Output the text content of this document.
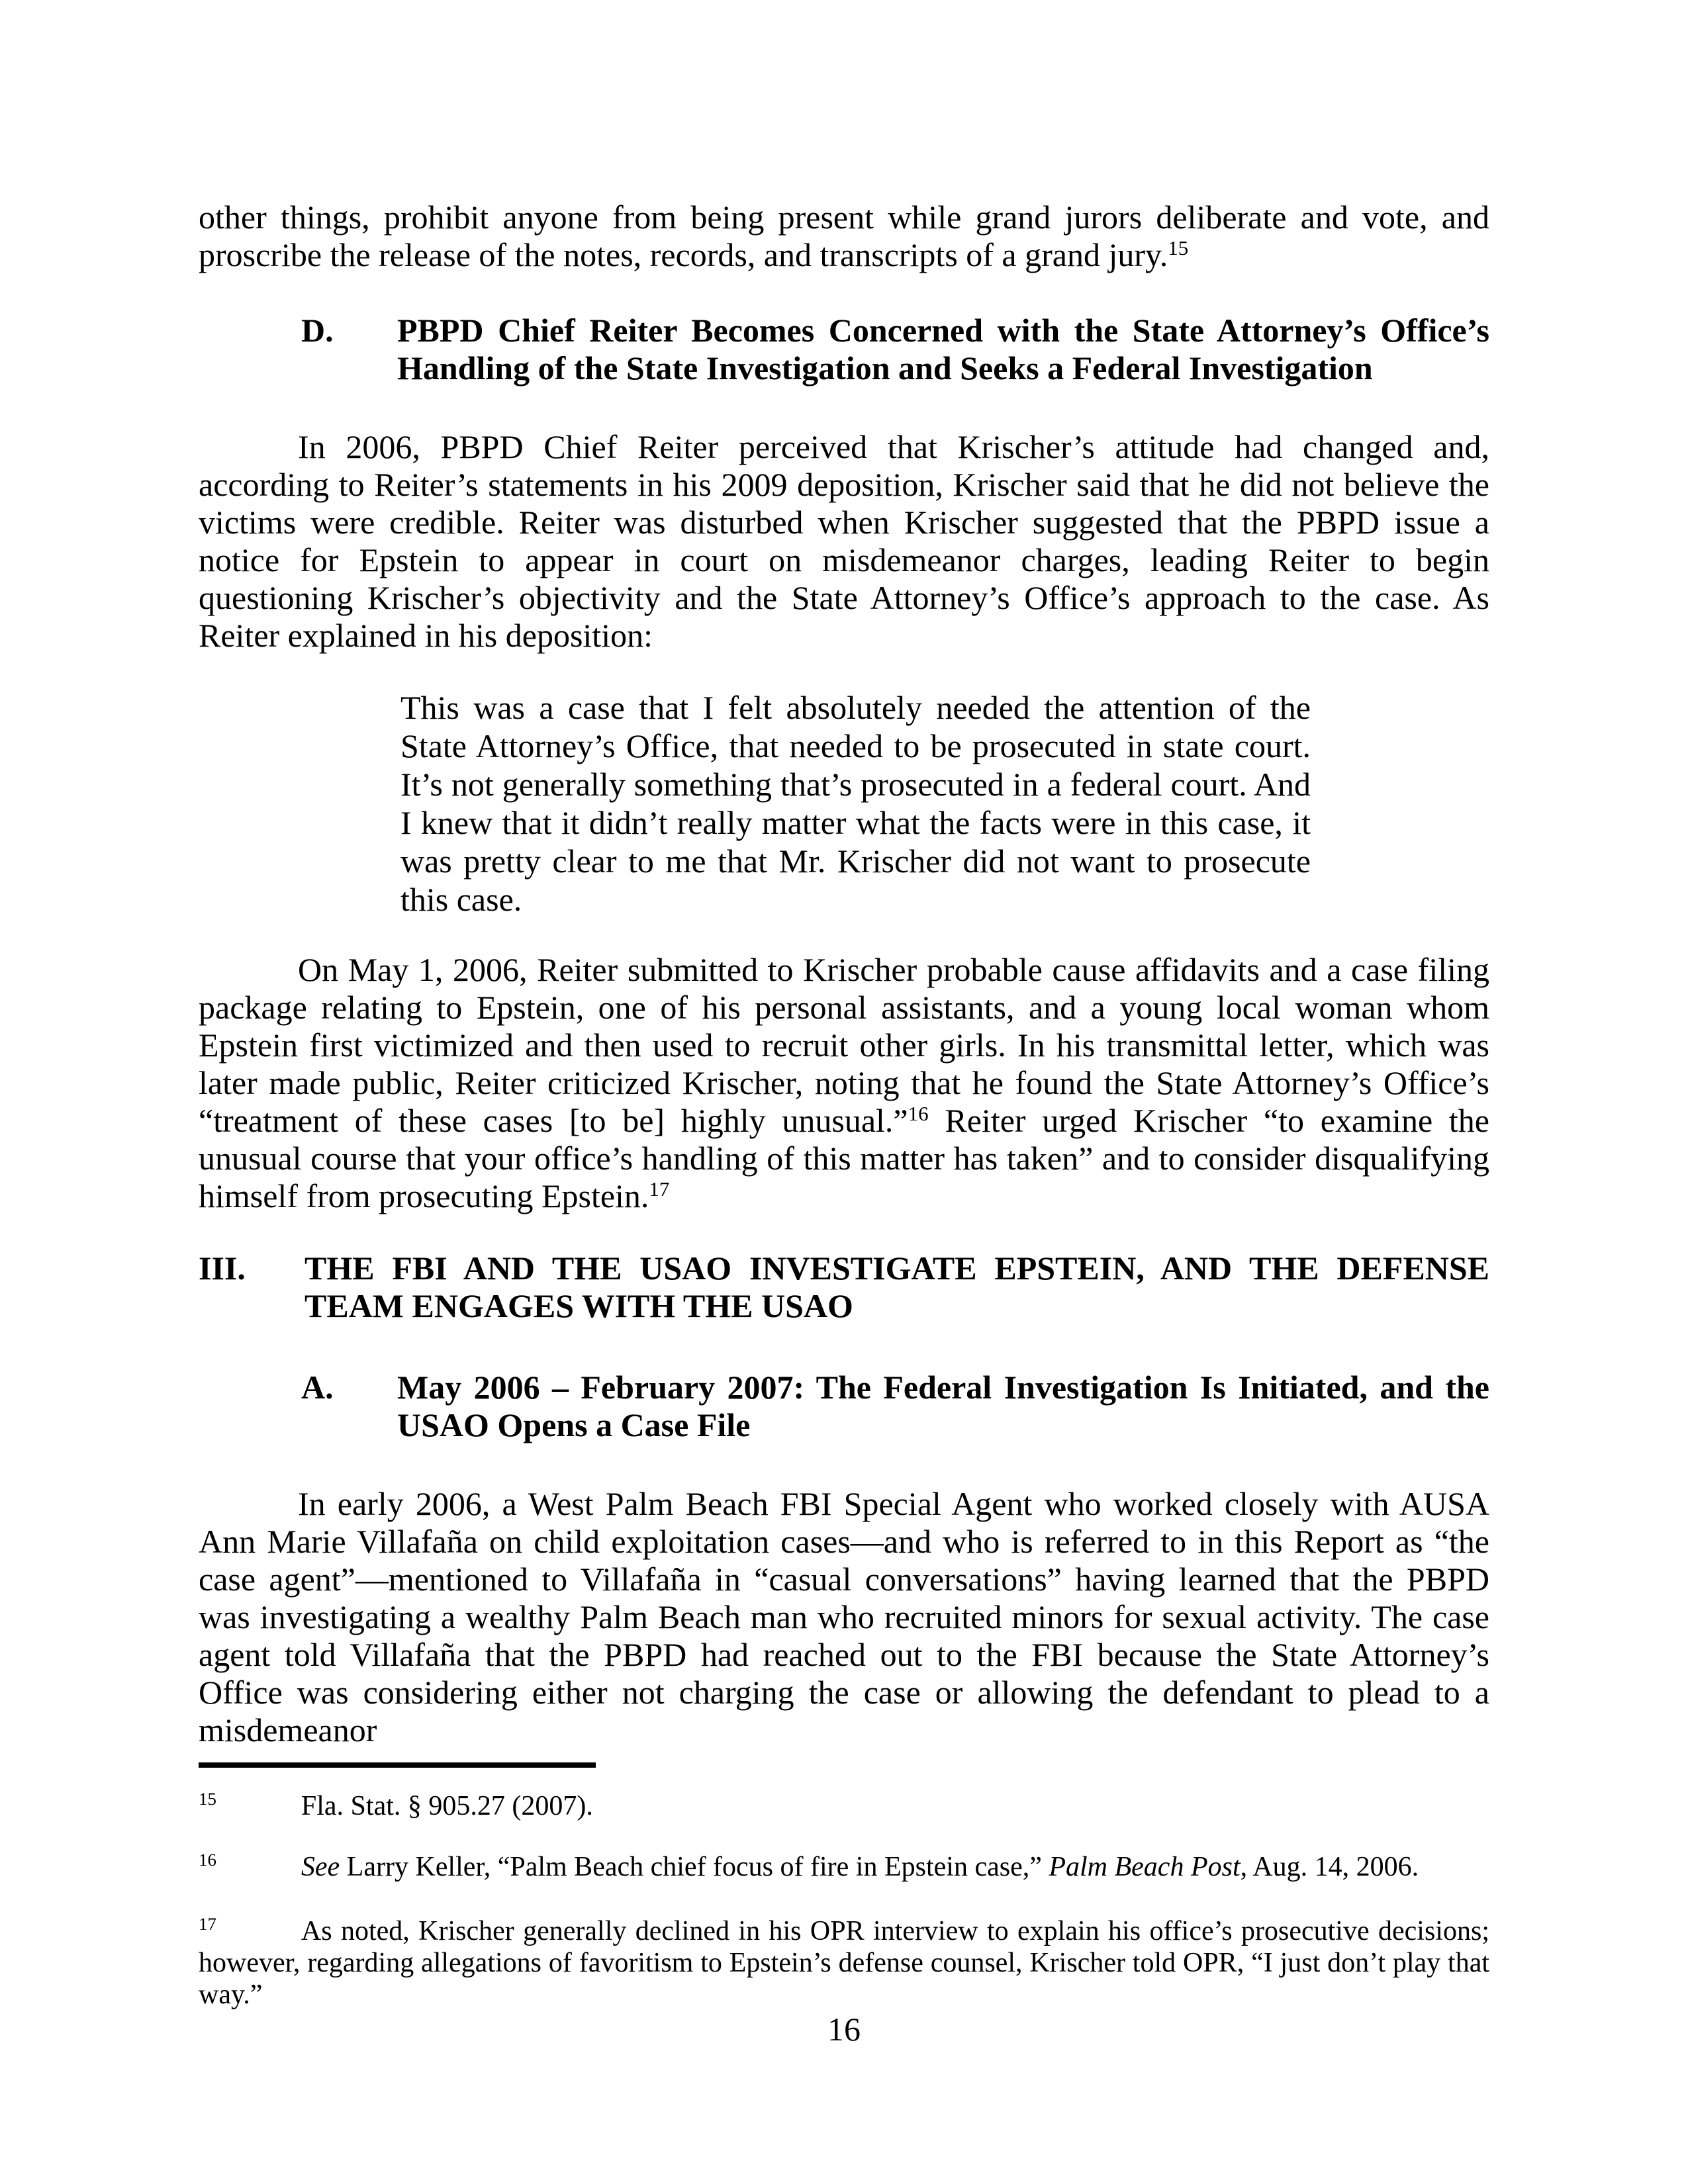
other things, prohibit anyone from being present while grand jurors deliberate and vote, and proscribe the release of the notes, records, and transcripts of a grand jury.$^{15}$

D. PBPD Chief Reiter Becomes Concerned with the State Attorney’s Office’s Handling of the State Investigation and Seeks a Federal Investigation

In 2006, PBPD Chief Reiter perceived that Krischer’s attitude had changed and, according to Reiter’s statements in his 2009 deposition, Krischer said that he did not believe the victims were credible. Reiter was disturbed when Krischer suggested that the PBPD issue a notice for Epstein to appear in court on misdemeanor charges, leading Reiter to begin questioning Krischer’s objectivity and the State Attorney’s Office’s approach to the case. As Reiter explained in his deposition:

This was a case that I felt absolutely needed the attention of the State Attorney’s Office, that needed to be prosecuted in state court. It’s not generally something that’s prosecuted in a federal court. And I knew that it didn’t really matter what the facts were in this case, it was pretty clear to me that Mr. Krischer did not want to prosecute this case.

On May 1, 2006, Reiter submitted to Krischer probable cause affidavits and a case filing package relating to Epstein, one of his personal assistants, and a young local woman whom Epstein first victimized and then used to recruit other girls. In his transmittal letter, which was later made public, Reiter criticized Krischer, noting that he found the State Attorney’s Office’s “treatment of these cases [to be] highly unusual.”$^{16}$ Reiter urged Krischer “to examine the unusual course that your office’s handling of this matter has taken” and to consider disqualifying himself from prosecuting Epstein.$^{17}$

III. THE FBI AND THE USAO INVESTIGATE EPSTEIN, AND THE DEFENSE TEAM ENGAGES WITH THE USAO
A. May 2006 – February 2007: The Federal Investigation Is Initiated, and the USAO Opens a Case File

In early 2006, a West Palm Beach FBI Special Agent who worked closely with AUSA Ann Marie Villafaña on child exploitation cases—and who is referred to in this Report as “the case agent”—mentioned to Villafaña in “casual conversations” having learned that the PBPD was investigating a wealthy Palm Beach man who recruited minors for sexual activity. The case agent told Villafaña that the PBPD had reached out to the FBI because the State Attorney’s Office was considering either not charging the case or allowing the defendant to plead to a misdemeanor

$^{15}$	Fla. Stat. § 905.27 (2007).

$^{16}$	See Larry Keller, “Palm Beach chief focus of fire in Epstein case,” Palm Beach Post, Aug. 14, 2006.

$^{17}$	As noted, Krischer generally declined in his OPR interview to explain his office’s prosecutive decisions; however, regarding allegations of favoritism to Epstein’s defense counsel, Krischer told OPR, “I just don’t play that way.”

16
